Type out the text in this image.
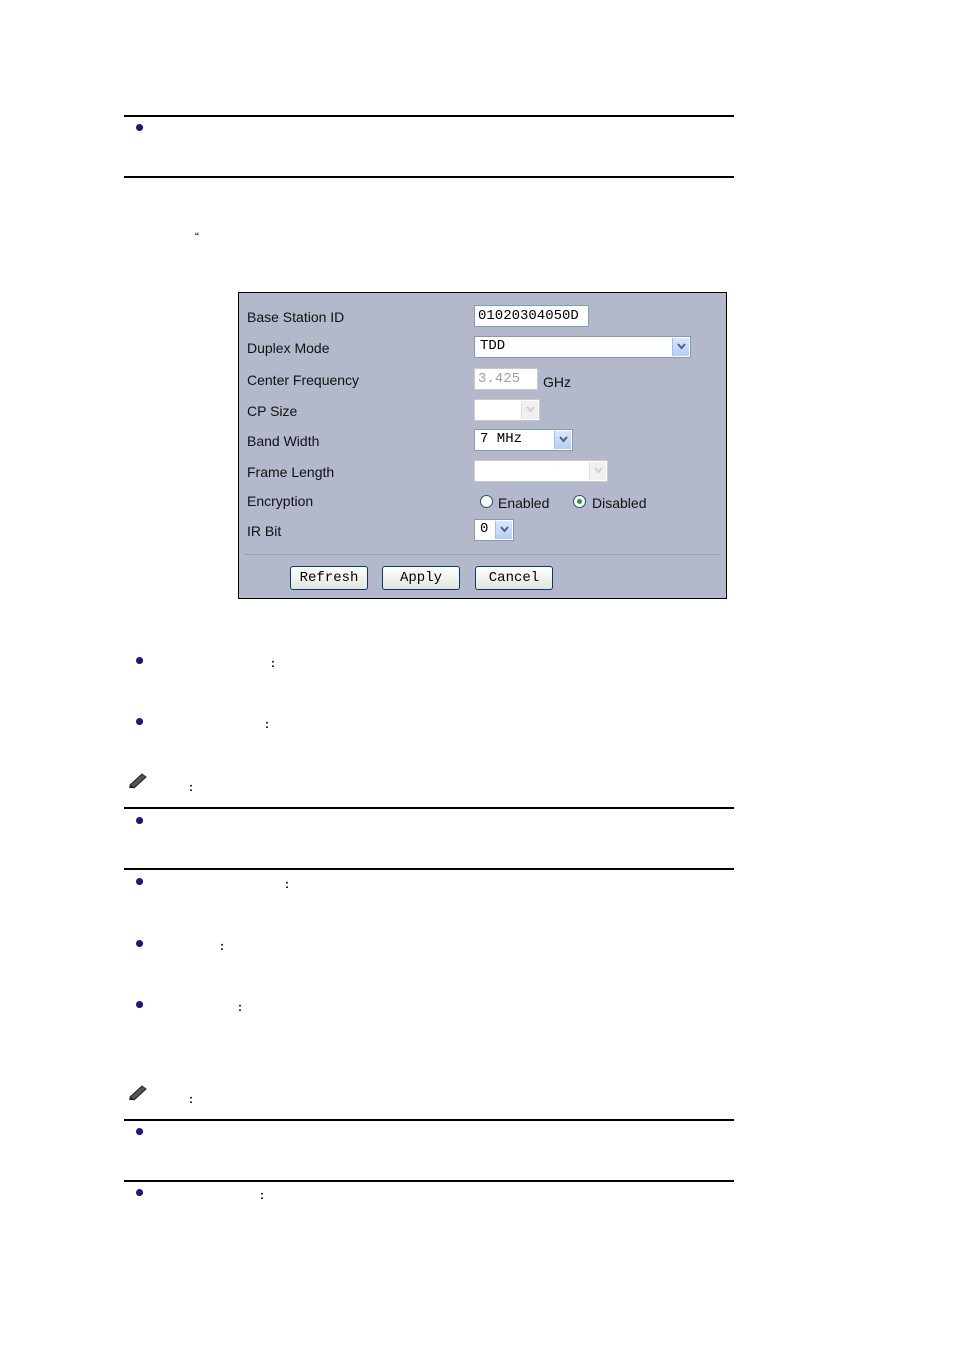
“
Base Station ID	01020304050D
Duplex Mode	TDD
Center Frequency	3.425	GHz
CP Size
Band Width	7 MHz
Frame Length
Encryption	Enabled	Disabled
IR Bit	0
Refresh	Apply	Cancel
:
:
:
:
:
:
:
:
